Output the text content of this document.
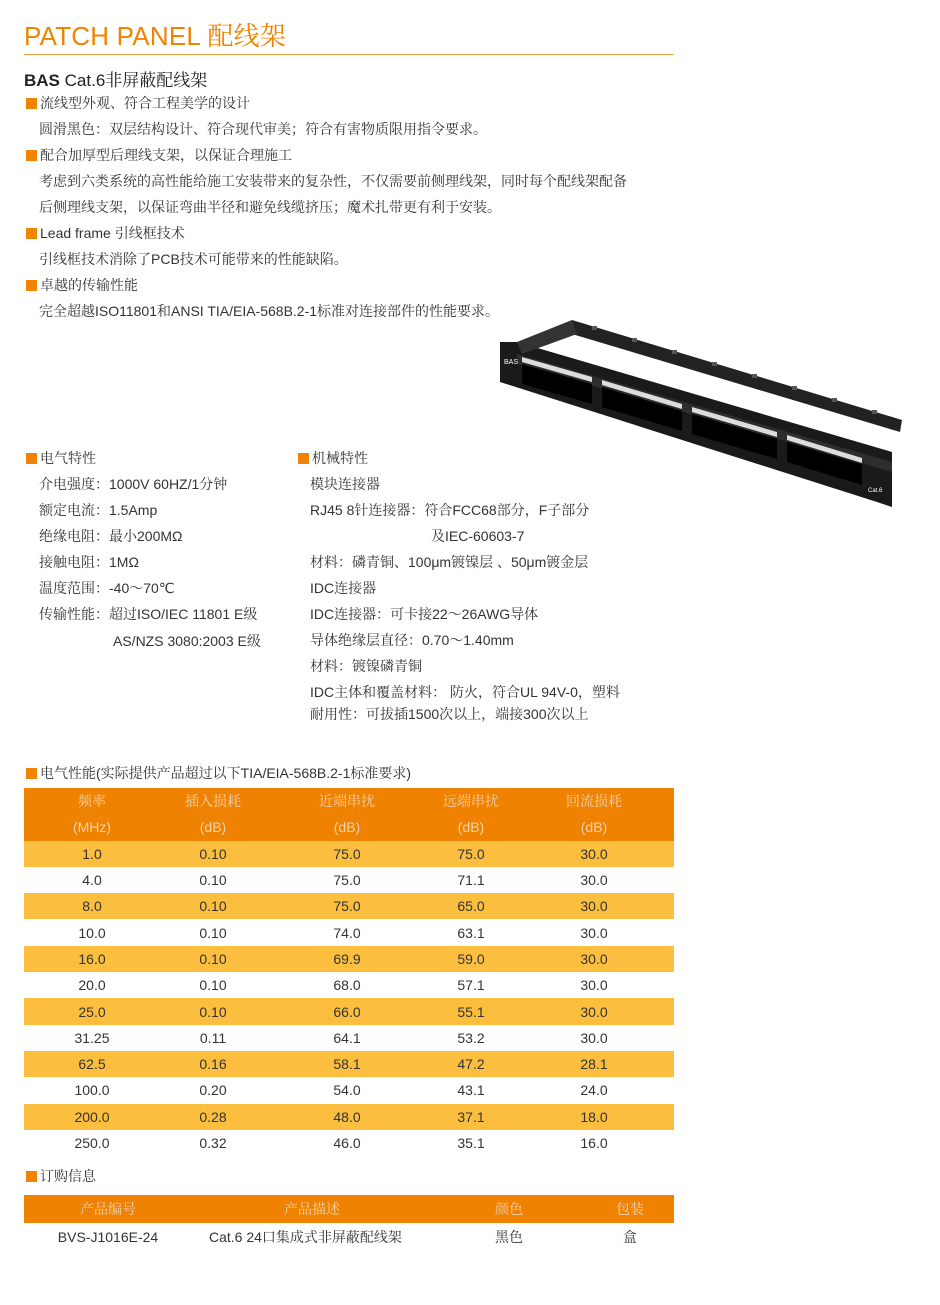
PATCH PANEL 配线架
BAS Cat.6非屏蔽配线架
流线型外观、符合工程美学的设计
圆滑黑色：双层结构设计、符合现代审美；符合有害物质限用指令要求。
配合加厚型后理线支架，以保证合理施工
考虑到六类系统的高性能给施工安装带来的复杂性，不仅需要前侧理线架，同时每个配线架配备
后侧理线支架，以保证弯曲半径和避免线缆挤压；魔术扎带更有利于安装。
Lead frame 引线框技术
引线框技术消除了PCB技术可能带来的性能缺陷。
卓越的传输性能
完全超越ISO11801和ANSI TIA/EIA-568B.2-1标准对连接部件的性能要求。
BAS
Cat.6
电气特性
介电强度：1000V 60HZ/1分钟
额定电流：1.5Amp
绝缘电阻：最小200MΩ
接触电阻：1MΩ
温度范围：-40～70℃
传输性能：超过ISO/IEC 11801 E级
AS/NZS 3080:2003 E级
机械特性
模块连接器
RJ45 8针连接器：符合FCC68部分，F子部分
及IEC-60603-7
材料：磷青铜、100μm镀镍层 、50μm镀金层
IDC连接器
IDC连接器：可卡接22～26AWG导体
导体绝缘层直径：0.70～1.40mm
材料：镀镍磷青铜
IDC主体和覆盖材料： 防火，符合UL 94V-0，塑料
耐用性：可拔插1500次以上，端接300次以上
电气性能(实际提供产品超过以下TIA/EIA-568B.2-1标准要求)
频率	插入损耗	近端串扰	远端串扰	回流损耗
(MHz)	(dB)	(dB)	(dB)	(dB)
1.0	0.10	75.0	75.0	30.0
4.0	0.10	75.0	71.1	30.0
8.0	0.10	75.0	65.0	30.0
10.0	0.10	74.0	63.1	30.0
16.0	0.10	69.9	59.0	30.0
20.0	0.10	68.0	57.1	30.0
25.0	0.10	66.0	55.1	30.0
31.25	0.11	64.1	53.2	30.0
62.5	0.16	58.1	47.2	28.1
100.0	0.20	54.0	43.1	24.0
200.0	0.28	48.0	37.1	18.0
250.0	0.32	46.0	35.1	16.0
订购信息
产品编号	产品描述	颜色	包装
BVS-J1016E-24	Cat.6 24口集成式非屏蔽配线架	黑色	盒
